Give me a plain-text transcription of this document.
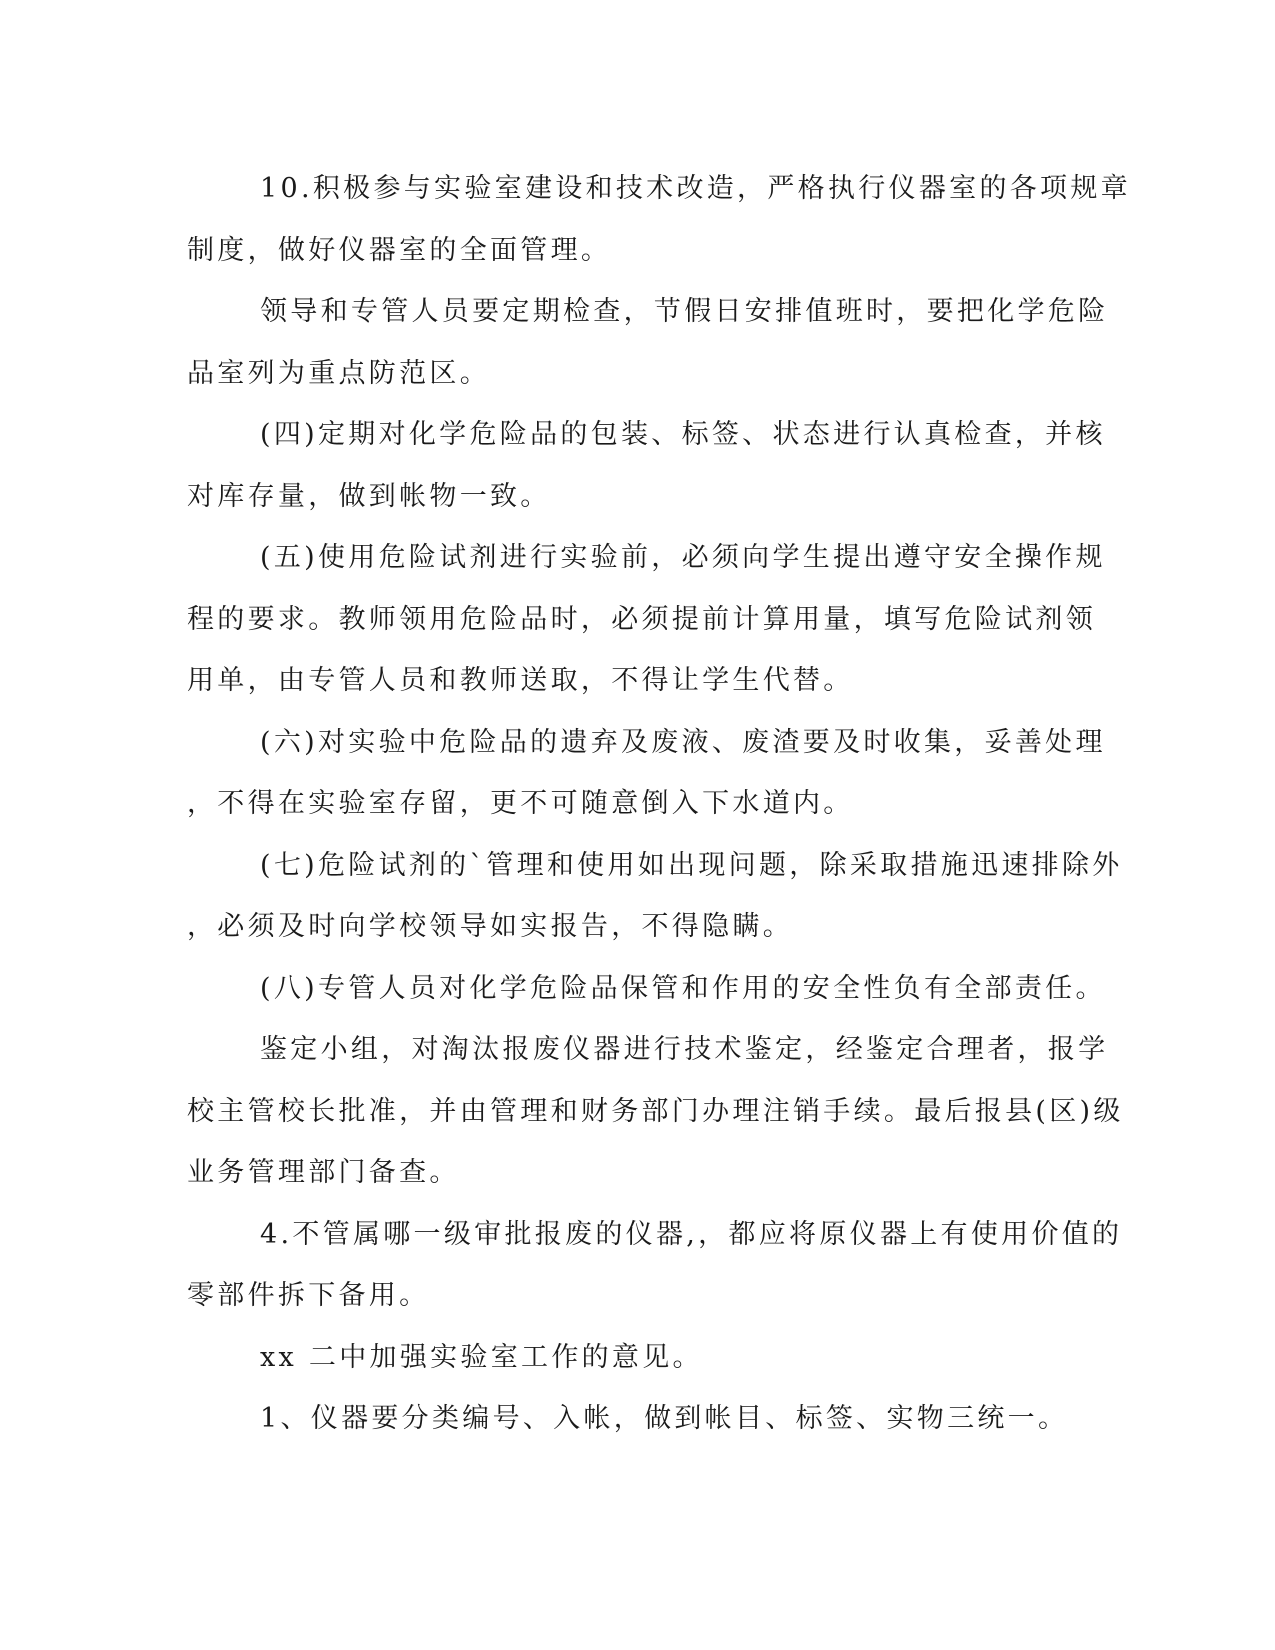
10.积极参与实验室建设和技术改造，严格执行仪器室的各项规章
制度，做好仪器室的全面管理。

领导和专管人员要定期检查，节假日安排值班时，要把化学危险
品室列为重点防范区。

(四)定期对化学危险品的包装、标签、状态进行认真检查，并核
对库存量，做到帐物一致。

(五)使用危险试剂进行实验前，必须向学生提出遵守安全操作规
程的要求。教师领用危险品时，必须提前计算用量，填写危险试剂领
用单，由专管人员和教师送取，不得让学生代替。

(六)对实验中危险品的遗弃及废液、废渣要及时收集，妥善处理
，不得在实验室存留，更不可随意倒入下水道内。

(七)危险试剂的`管理和使用如出现问题，除采取措施迅速排除外
，必须及时向学校领导如实报告，不得隐瞒。

(八)专管人员对化学危险品保管和作用的安全性负有全部责任。

鉴定小组，对淘汰报废仪器进行技术鉴定，经鉴定合理者，报学
校主管校长批准，并由管理和财务部门办理注销手续。最后报县(区)级
业务管理部门备查。

4.不管属哪一级审批报废的仪器,，都应将原仪器上有使用价值的
零部件拆下备用。

xx 二中加强实验室工作的意见。

1、仪器要分类编号、入帐，做到帐目、标签、实物三统一。
